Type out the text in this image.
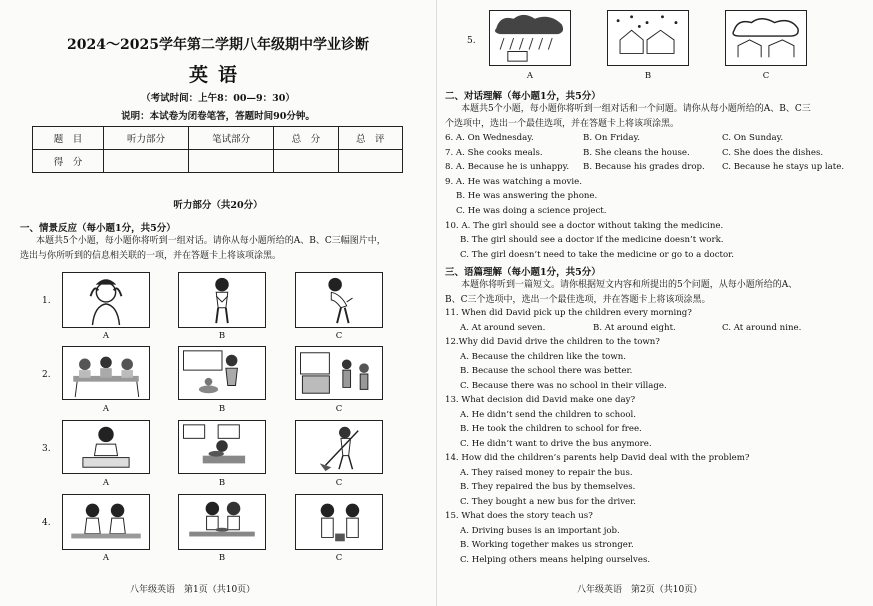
2024～2025学年第二学期八年级期中学业诊断
英语
（考试时间：上午8：00—9：30）
说明：本试卷为闭卷笔答，答题时间90分钟。
题　目	听力部分	笔试部分	总　分	总　评
得　分				
听力部分（共20分）
一、情景反应（每小题1分，共5分）
本题共5个小题，每小题你将听到一组对话。请你从每小题所给的A、B、C三幅图片中，
选出与你所听到的信息相关联的一项，并在答题卡上将该项涂黑。
1.
A	B	C
2.
A	B	C
3.
A	B	C
4.
A	B	C
八年级英语　第1页（共10页）
5.
A	B	C
二、对话理解（每小题1分，共5分）
本题共5个小题，每小题你将听到一组对话和一个问题。请你从每小题所给的A、B、C三
个选项中，选出一个最佳选项，并在答题卡上将该项涂黑。
6. A. On Wednesday.	B. On Friday.	C. On Sunday.
7. A. She cooks meals.	B. She cleans the house.	C. She does the dishes.
8. A. Because he is unhappy. B. Because his grades drop. C. Because he stays up late.
9. A. He was watching a movie.
B. He was answering the phone.
C. He was doing a science project.
10. A. The girl should see a doctor without taking the medicine.
B. The girl should see a doctor if the medicine doesn’t work.
C. The girl doesn’t need to take the medicine or go to a doctor.
三、语篇理解（每小题1分，共5分）
本题你将听到一篇短文。请你根据短文内容和所提出的5个问题，从每小题所给的A、
B、C三个选项中，选出一个最佳选项，并在答题卡上将该项涂黑。
11. When did David pick up the children every morning?
A. At around seven.	B. At around eight.	C. At around nine.
12.Why did David drive the children to the town?
A. Because the children like the town.
B. Because the school there was better.
C. Because there was no school in their village.
13. What decision did David make one day?
A. He didn’t send the children to school.
B. He took the children to school for free.
C. He didn’t want to drive the bus anymore.
14. How did the children’s parents help David deal with the problem?
A. They raised money to repair the bus.
B. They repaired the bus by themselves.
C. They bought a new bus for the driver.
15. What does the story teach us?
A. Driving buses is an important job.
B. Working together makes us stronger.
C. Helping others means helping ourselves.
八年级英语　第2页（共10页）
